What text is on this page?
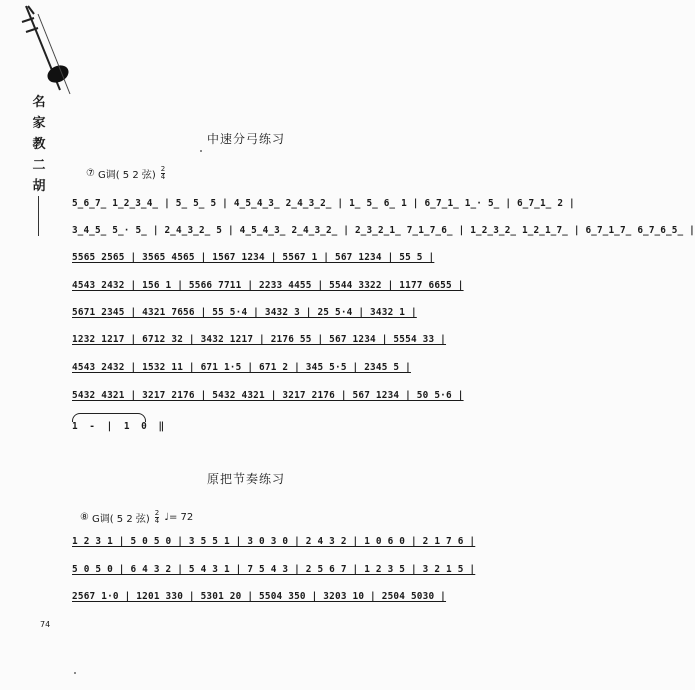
名
家
教
二
胡
中速分弓练习
⑦ G调( 5 2 弦) $\frac{2}{4}$
5̲6̲7̲ 1̲2̲3̲4̲ | 5̲ 5̲ 5 | 4̲5̲4̲3̲ 2̲4̲3̲2̲ | 1̲ 5̲ 6̲ 1 | 6̲7̲1̲ 1̲· 5̲ | 6̲7̲1̲ 2 |
3̲4̲5̲ 5̲· 5̲ | 2̲4̲3̲2̲ 5 | 4̲5̲4̲3̲ 2̲4̲3̲2̲ | 2̲3̲2̲1̲ 7̲1̲7̲6̲ | 1̲2̲3̲2̲ 1̲2̲1̲7̲ | 6̲7̲1̲7̲ 6̲7̲6̲5̲ |
5565 2565 | 3565 4565 | 1567 1234 | 5567 1 | 567 1234 | 55 5 |
4543 2432 | 156 1 | 5566 7711 | 2233 4455 | 5544 3322 | 1177 6655 |
5671 2345 | 4321 7656 | 55 5·4 | 3432 3 | 25 5·4 | 3432 1 |
1232 1217 | 6712 32 | 3432 1217 | 2176 55 | 567 1234 | 5554 33 |
4543 2432 | 1532 11 | 671 1·5 | 671 2 | 345 5·5 | 2345 5 |
5432 4321 | 3217 2176 | 5432 4321 | 3217 2176 | 567 1234 | 50 5·6 |
1 - | 1 0 ‖
原把节奏练习
⑧ G调( 5 2 弦) $\frac{2}{4}$ ♩= 72
1 2 3 1 | 5 0 5 0 | 3 5 5 1 | 3 0 3 0 | 2 4 3 2 | 1 0 6 0 | 2 1 7 6 |
5 0 5 0 | 6 4 3 2 | 5 4 3 1 | 7 5 4 3 | 2 5 6 7 | 1 2 3 5 | 3 2 1 5 |
2567 1·0 | 1201 330 | 5301 20 | 5504 350 | 3203 10 | 2504 5030 |
74
